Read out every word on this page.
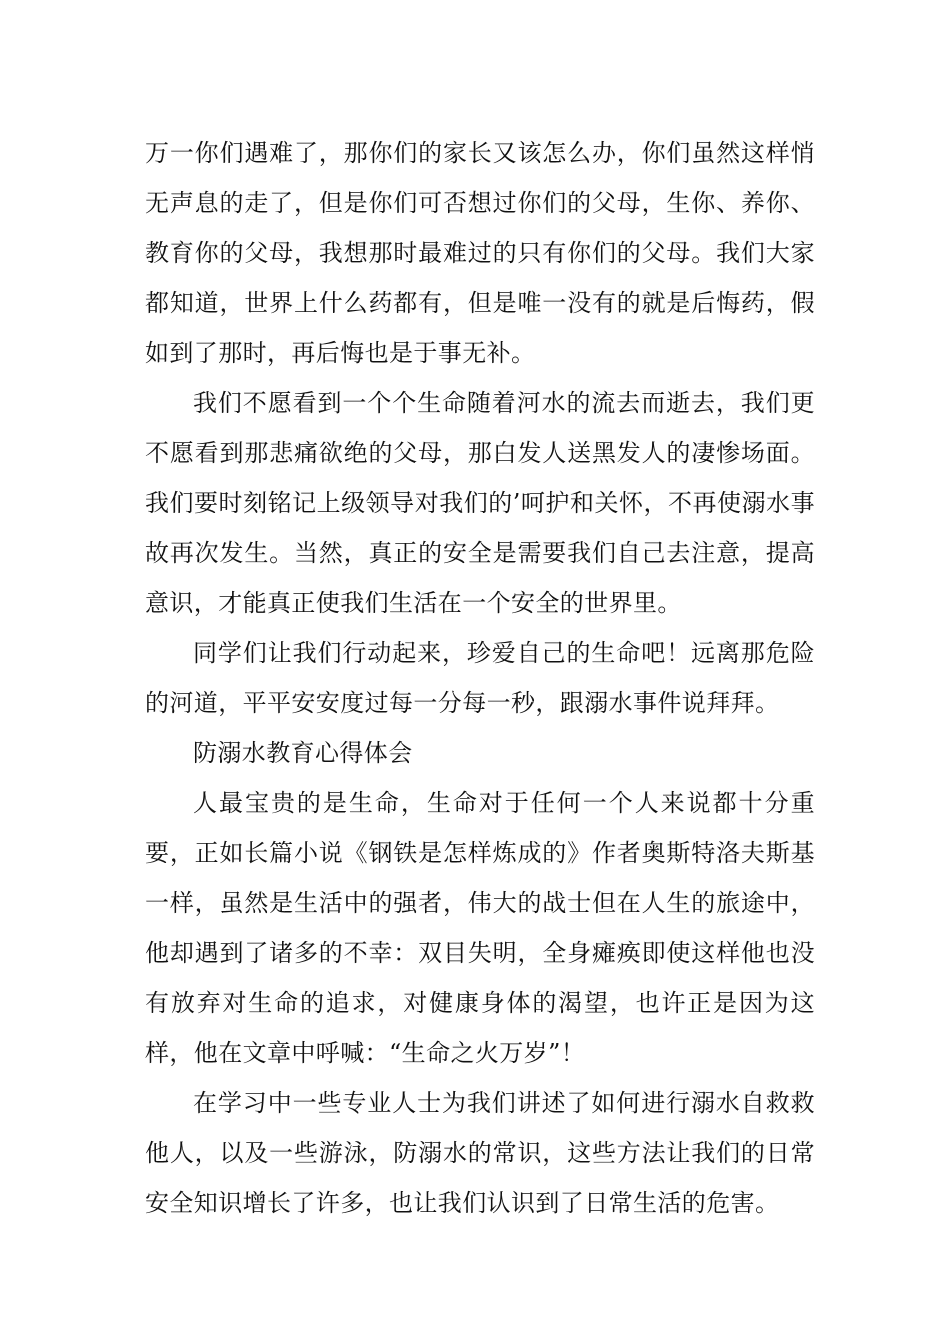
万一你们遇难了，那你们的家长又该怎么办，你们虽然这样悄无声息的走了，但是你们可否想过你们的父母，生你、养你、教育你的父母，我想那时最难过的只有你们的父母。我们大家都知道，世界上什么药都有，但是唯一没有的就是后悔药，假如到了那时，再后悔也是于事无补。

我们不愿看到一个个生命随着河水的流去而逝去，我们更不愿看到那悲痛欲绝的父母，那白发人送黑发人的凄惨场面。我们要时刻铭记上级领导对我们的’呵护和关怀，不再使溺水事故再次发生。当然，真正的安全是需要我们自己去注意，提高意识，才能真正使我们生活在一个安全的世界里。

同学们让我们行动起来，珍爱自己的生命吧！远离那危险的河道，平平安安度过每一分每一秒，跟溺水事件说拜拜。

防溺水教育心得体会

人最宝贵的是生命，生命对于任何一个人来说都十分重要，正如长篇小说《钢铁是怎样炼成的》作者奥斯特洛夫斯基一样，虽然是生活中的强者，伟大的战士但在人生的旅途中，他却遇到了诸多的不幸：双目失明，全身瘫痪即使这样他也没有放弃对生命的追求，对健康身体的渴望，也许正是因为这样，他在文章中呼喊：“生命之火万岁”！

在学习中一些专业人士为我们讲述了如何进行溺水自救救他人，以及一些游泳，防溺水的常识，这些方法让我们的日常安全知识增长了许多，也让我们认识到了日常生活的危害。
